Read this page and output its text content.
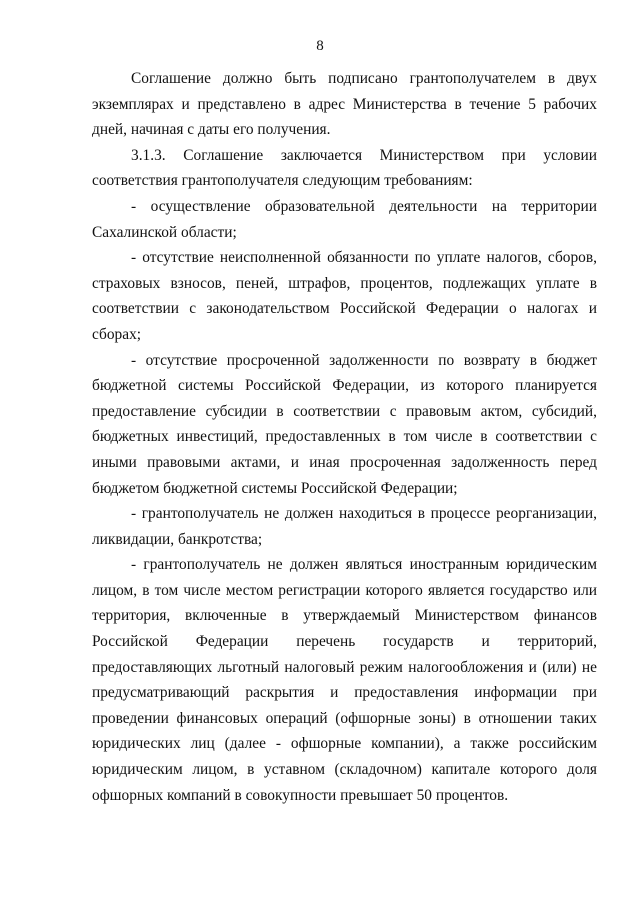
8

Соглашение должно быть подписано грантополучателем в двух экземплярах и представлено в адрес Министерства в течение 5 рабочих дней, начиная с даты его получения.

3.1.3. Соглашение заключается Министерством при условии соответствия грантополучателя следующим требованиям:

- осуществление образовательной деятельности на территории Сахалинской области;

- отсутствие неисполненной обязанности по уплате налогов, сборов, страховых взносов, пеней, штрафов, процентов, подлежащих уплате в соответствии с законодательством Российской Федерации о налогах и сборах;

- отсутствие просроченной задолженности по возврату в бюджет бюджетной системы Российской Федерации, из которого планируется предоставление субсидии в соответствии с правовым актом, субсидий, бюджетных инвестиций, предоставленных в том числе в соответствии с иными правовыми актами, и иная просроченная задолженность перед бюджетом бюджетной системы Российской Федерации;

- грантополучатель не должен находиться в процессе реорганизации, ликвидации, банкротства;

- грантополучатель не должен являться иностранным юридическим лицом, в том числе местом регистрации которого является государство или территория, включенные в утверждаемый Министерством финансов Российской Федерации перечень государств и территорий, предоставляющих льготный налоговый режим налогообложения и (или) не предусматривающий раскрытия и предоставления информации при проведении финансовых операций (офшорные зоны) в отношении таких юридических лиц (далее - офшорные компании), а также российским юридическим лицом, в уставном (складочном) капитале которого доля офшорных компаний в совокупности превышает 50 процентов.
